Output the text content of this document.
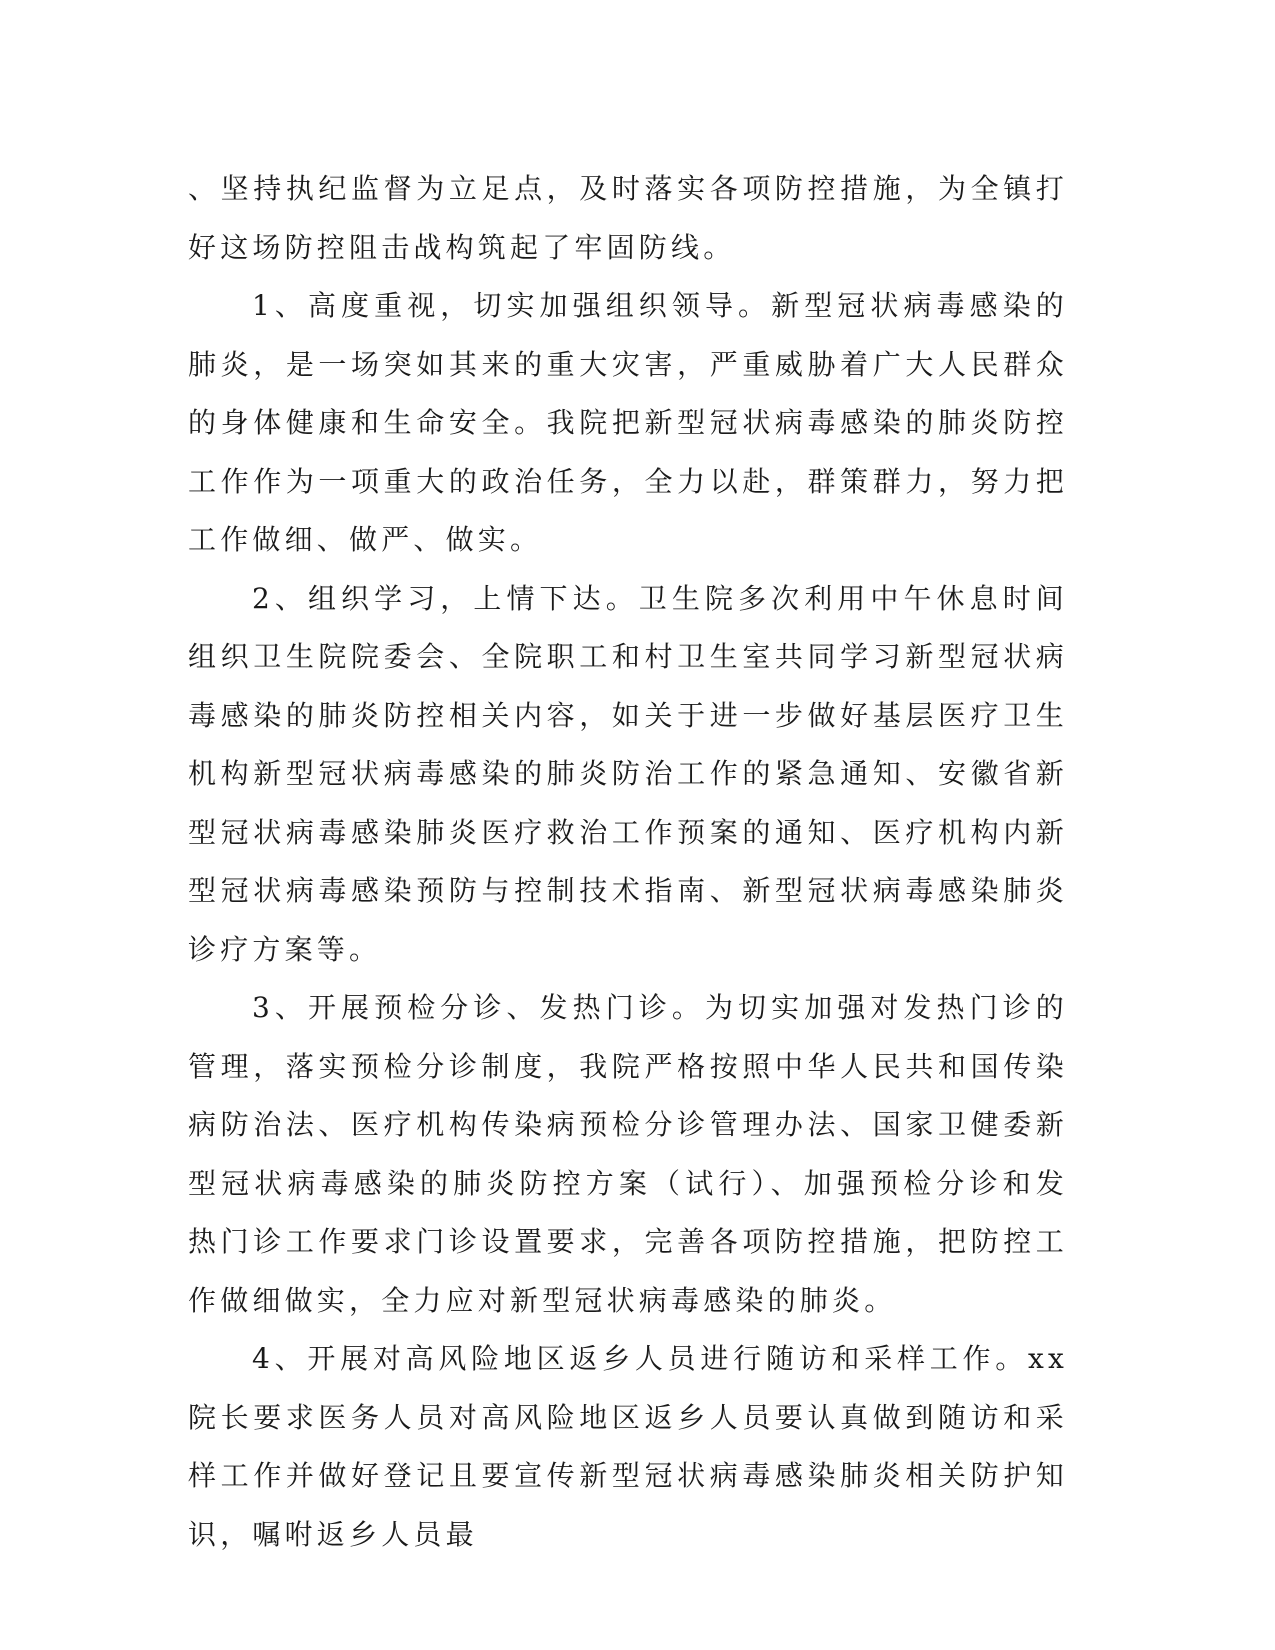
、坚持执纪监督为立足点，及时落实各项防控措施，为全镇打好这场防控阻击战构筑起了牢固防线。

1、高度重视，切实加强组织领导。新型冠状病毒感染的肺炎，是一场突如其来的重大灾害，严重威胁着广大人民群众的身体健康和生命安全。我院把新型冠状病毒感染的肺炎防控工作作为一项重大的政治任务，全力以赴，群策群力，努力把工作做细、做严、做实。

2、组织学习，上情下达。卫生院多次利用中午休息时间组织卫生院院委会、全院职工和村卫生室共同学习新型冠状病毒感染的肺炎防控相关内容，如关于进一步做好基层医疗卫生机构新型冠状病毒感染的肺炎防治工作的紧急通知、安徽省新型冠状病毒感染肺炎医疗救治工作预案的通知、医疗机构内新型冠状病毒感染预防与控制技术指南、新型冠状病毒感染肺炎诊疗方案等。

3、开展预检分诊、发热门诊。为切实加强对发热门诊的管理，落实预检分诊制度，我院严格按照中华人民共和国传染病防治法、医疗机构传染病预检分诊管理办法、国家卫健委新型冠状病毒感染的肺炎防控方案（试行）、加强预检分诊和发热门诊工作要求门诊设置要求，完善各项防控措施，把防控工作做细做实，全力应对新型冠状病毒感染的肺炎。

4、开展对高风险地区返乡人员进行随访和采样工作。xx院长要求医务人员对高风险地区返乡人员要认真做到随访和采样工作并做好登记且要宣传新型冠状病毒感染肺炎相关防护知识，嘱咐返乡人员最
